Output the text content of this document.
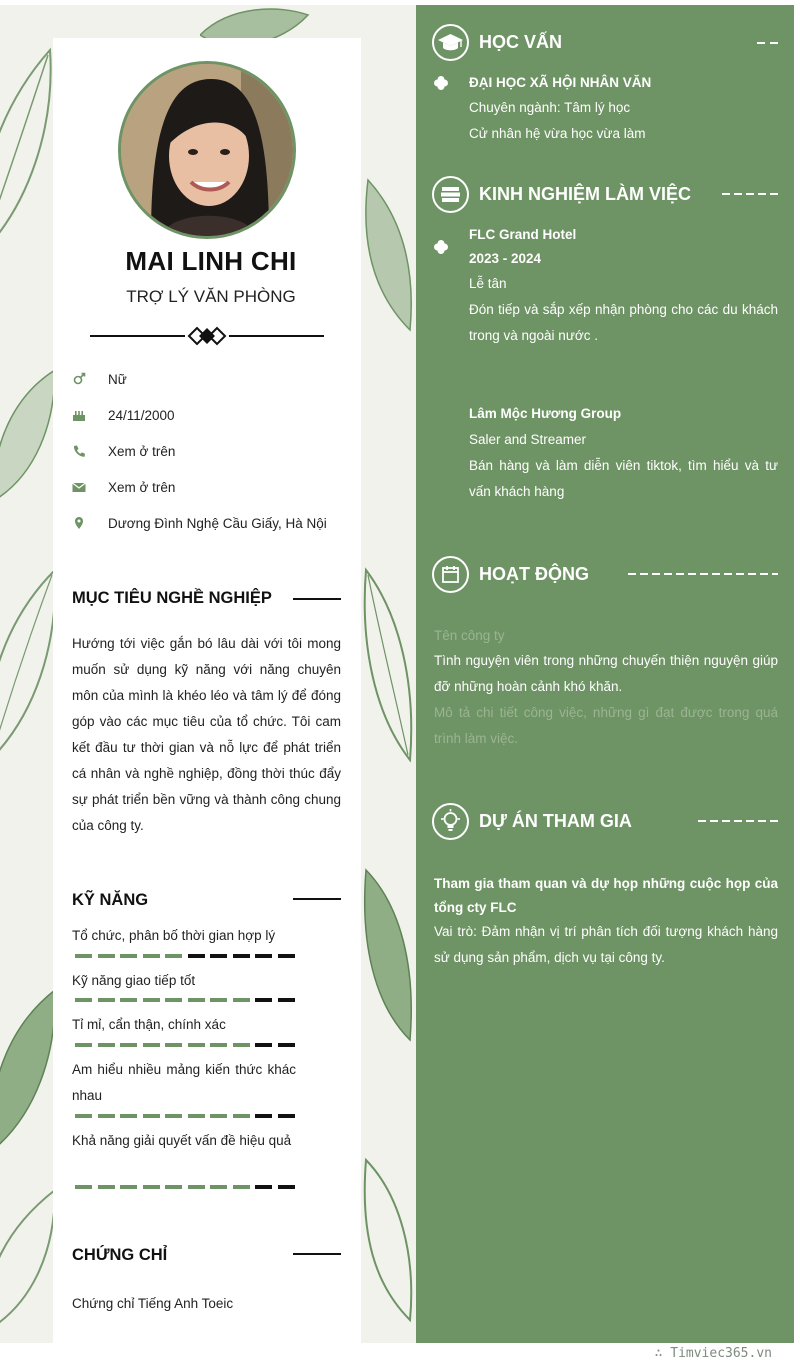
MAI LINH CHI
TRỢ LÝ VĂN PHÒNG
Nữ
24/11/2000
Xem ở trên
Xem ở trên
Dương Đình Nghệ Cầu Giấy, Hà Nội
MỤC TIÊU NGHỀ NGHIỆP
Hướng tới việc gắn bó lâu dài với tôi mong muốn sử dụng kỹ năng với năng chuyên môn của mình là khéo léo và tâm lý để đóng góp vào các mục tiêu của tổ chức. Tôi cam kết đầu tư thời gian và nỗ lực để phát triển cá nhân và nghề nghiệp, đồng thời thúc đẩy sự phát triển bền vững và thành công chung của công ty.
KỸ NĂNG
Tổ chức, phân bố thời gian hợp lý
Kỹ năng giao tiếp tốt
Tỉ mỉ, cẩn thận, chính xác
Am hiểu nhiều mảng kiến thức khác nhau
Khả năng giải quyết vấn đề hiệu quả
CHỨNG CHỈ
Chứng chỉ Tiếng Anh Toeic
HỌC VẤN
ĐẠI HỌC XÃ HỘI NHÂN VĂN
Chuyên ngành: Tâm lý học
Cử nhân hệ vừa học vừa làm
KINH NGHIỆM LÀM VIỆC
FLC Grand Hotel
2023 - 2024
Lễ tân
Đón tiếp và sắp xếp nhận phòng cho các du khách trong và ngoài nước .
Lâm Mộc Hương Group
Saler and Streamer
Bán hàng và làm diễn viên tiktok, tìm hiểu và tư vấn khách hàng
HOẠT ĐỘNG
Tên công ty
Tình nguyện viên trong những chuyến thiện nguyện giúp đỡ những hoàn cảnh khó khăn.
Mô tả chi tiết công việc, những gì đạt được trong quá trình làm việc.
DỰ ÁN THAM GIA
Tham gia tham quan và dự họp những cuộc họp của tổng cty FLC
Vai trò: Đảm nhận vị trí phân tích đối tượng khách hàng sử dụng sản phẩm, dịch vụ tại công ty.
∴ Timviec365.vn
